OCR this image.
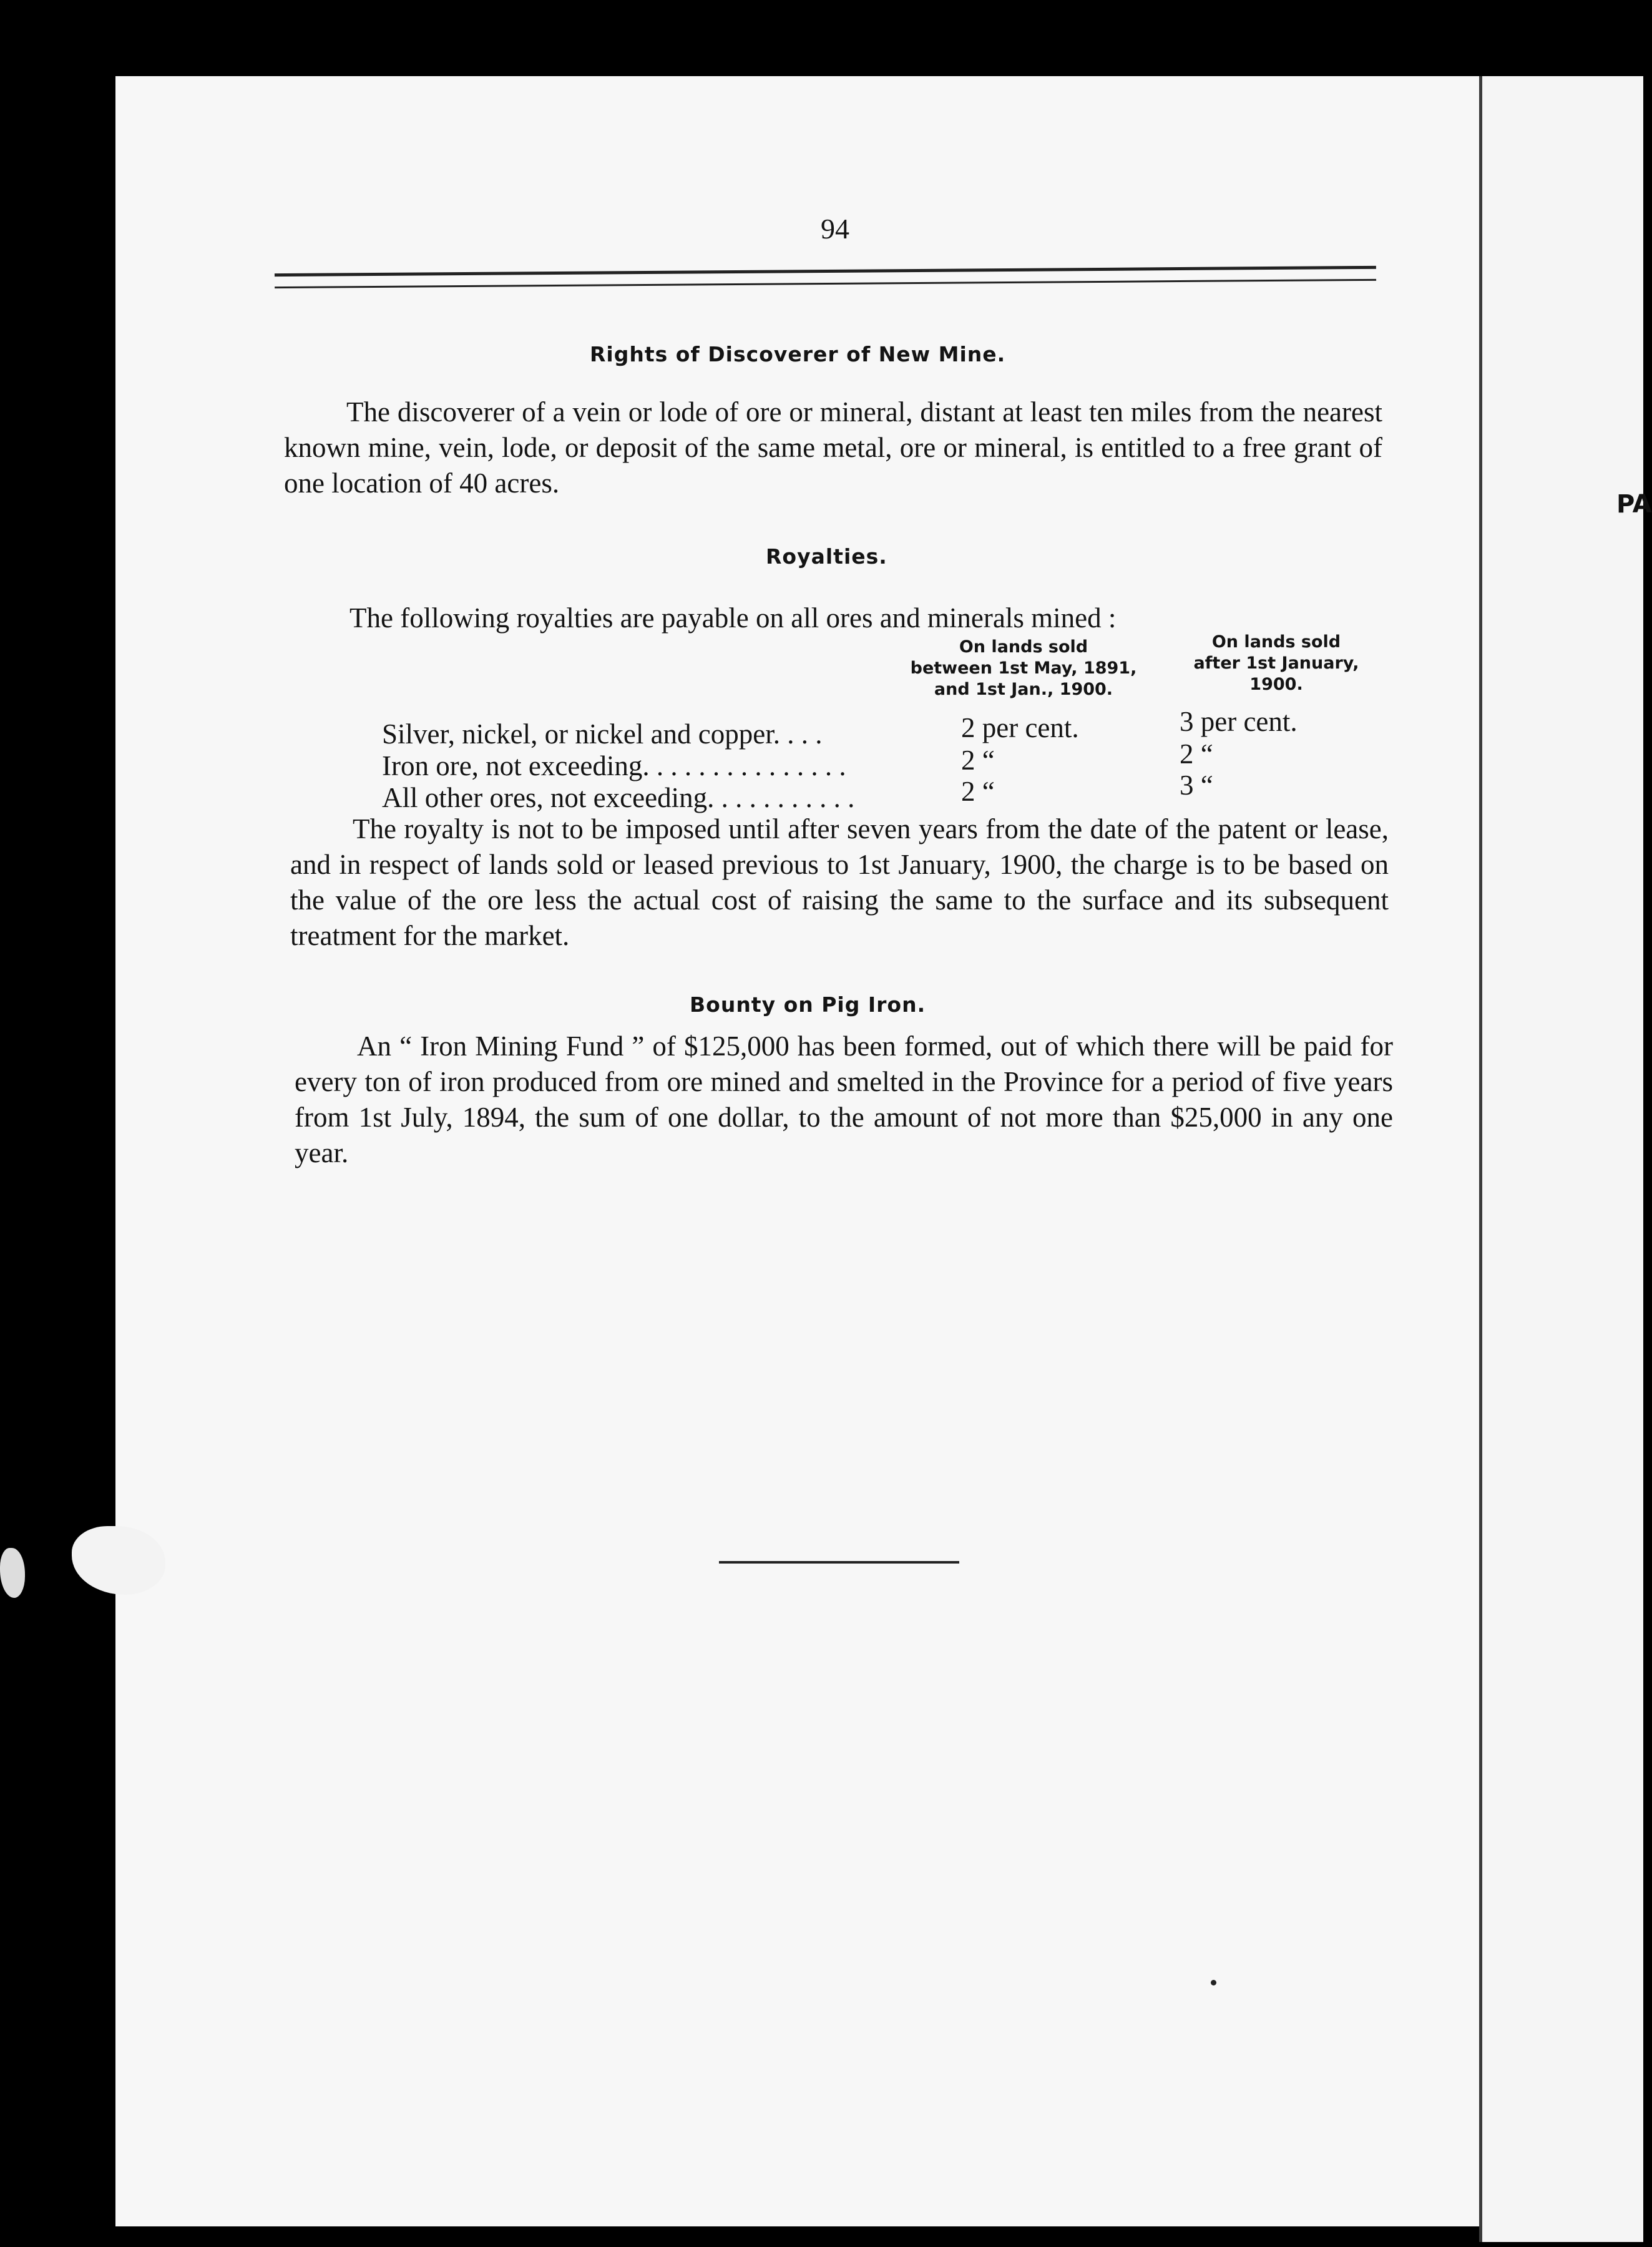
PA
94
Rights of Discoverer of New Mine.
The discoverer of a vein or lode of ore or mineral, distant at least ten miles from the nearest known mine, vein, lode, or deposit of the same metal, ore or mineral, is entitled to a free grant of one location of 40 acres.
Royalties.
The following royalties are payable on all ores and minerals mined :
On lands sold
between 1st May, 1891,
and 1st Jan., 1900.
On lands sold
after 1st January,
1900.
Silver, nickel, or nickel and copper. . . .	2 per cent.	3 per cent.
Iron ore, not exceeding. . . . . . . . . . . . . . .	2 “	2 “
All other ores, not exceeding. . . . . . . . . . .	2 “	3 “
The royalty is not to be imposed until after seven years from the date of the patent or lease, and in respect of lands sold or leased previous to 1st January, 1900, the charge is to be based on the value of the ore less the actual cost of raising the same to the surface and its subsequent treatment for the market.
Bounty on Pig Iron.
An “ Iron Mining Fund ” of $125,000 has been formed, out of which there will be paid for every ton of iron produced from ore mined and smelted in the Province for a period of five years from 1st July, 1894, the sum of one dollar, to the amount of not more than $25,000 in any one year.
